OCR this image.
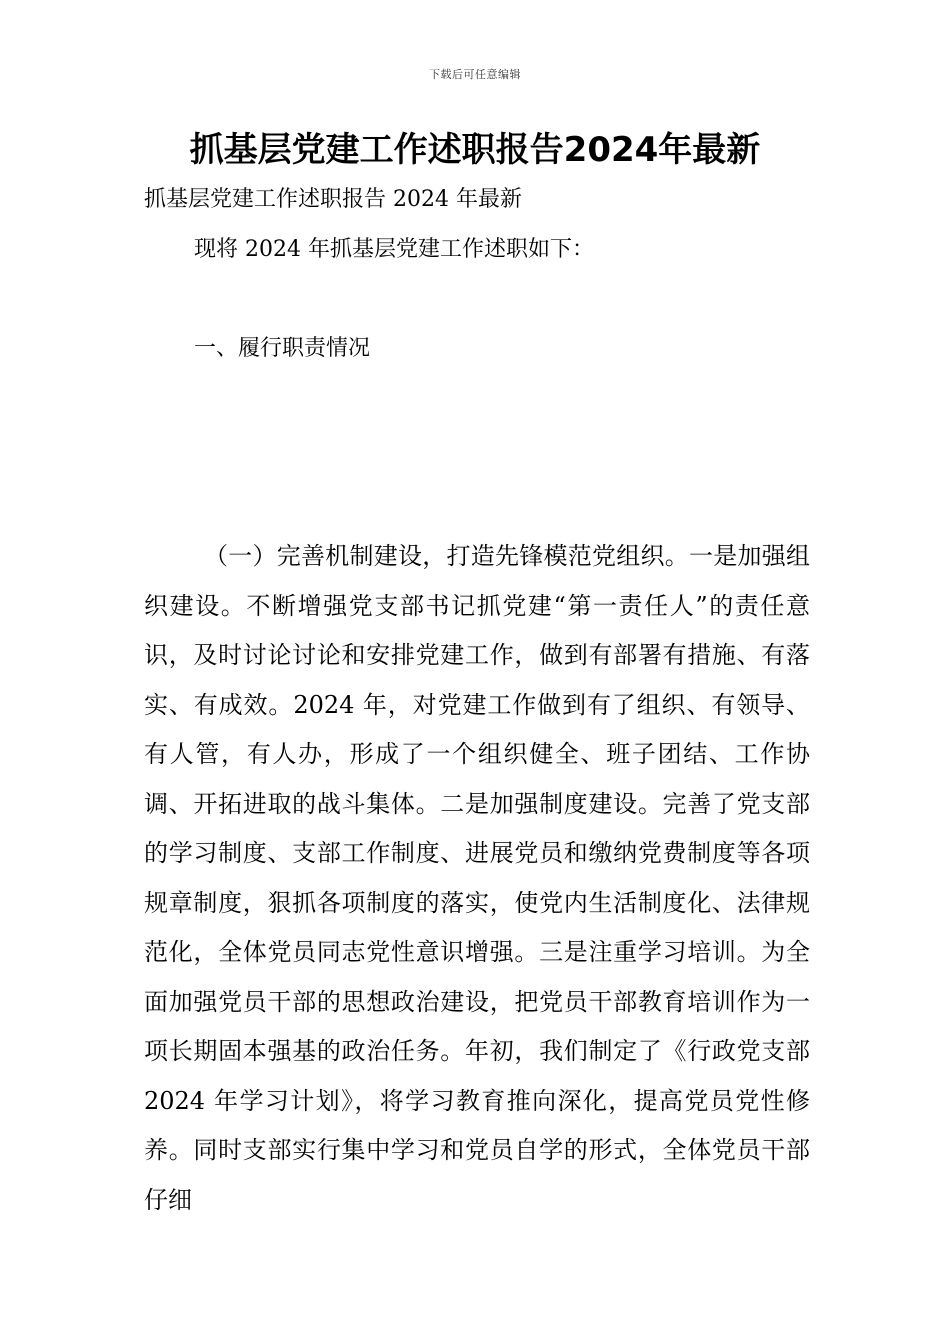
下载后可任意编辑
抓基层党建工作述职报告2024年最新

抓基层党建工作述职报告 2024 年最新

现将 2024 年抓基层党建工作述职如下：

一、履行职责情况

（一）完善机制建设，打造先锋模范党组织。一是加强组织建设。不断增强党支部书记抓党建“第一责任人”的责任意识，及时讨论讨论和安排党建工作，做到有部署有措施、有落实、有成效。2024 年，对党建工作做到有了组织、有领导、有人管，有人办，形成了一个组织健全、班子团结、工作协调、开拓进取的战斗集体。二是加强制度建设。完善了党支部的学习制度、支部工作制度、进展党员和缴纳党费制度等各项规章制度，狠抓各项制度的落实，使党内生活制度化、法律规范化，全体党员同志党性意识增强。三是注重学习培训。为全面加强党员干部的思想政治建设，把党员干部教育培训作为一项长期固本强基的政治任务。年初，我们制定了《行政党支部 2024 年学习计划》，将学习教育推向深化，提高党员党性修养。同时支部实行集中学习和党员自学的形式，全体党员干部仔细
